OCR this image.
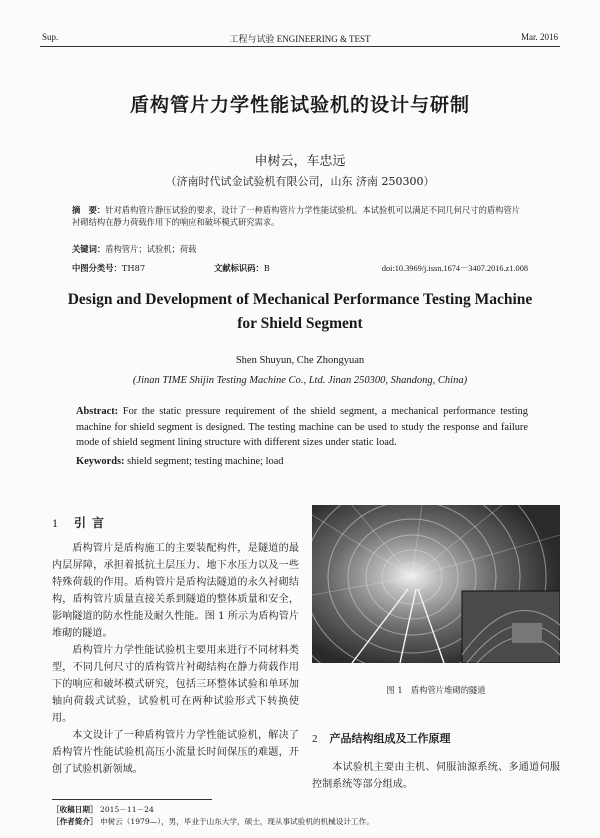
Sup.	工程与试验 ENGINEERING & TEST	Mar. 2016
盾构管片力学性能试验机的设计与研制
申树云，车忠远
（济南时代试金试验机有限公司，山东 济南 250300）
摘　要：针对盾构管片静压试验的要求，设计了一种盾构管片力学性能试验机。本试验机可以满足不同几何尺寸的盾构管片衬砌结构在静力荷载作用下的响应和破坏模式研究需求。
关键词：盾构管片；试验机；荷载
中图分类号：TH87	文献标识码：B	doi:10.3969/j.issn.1674－3407.2016.z1.008
Design and Development of Mechanical Performance Testing Machine for Shield Segment
Shen Shuyun, Che Zhongyuan
(Jinan TIME Shijin Testing Machine Co., Ltd. Jinan 250300, Shandong, China)
Abstract: For the static pressure requirement of the shield segment, a mechanical performance testing machine for shield segment is designed. The testing machine can be used to study the response and failure mode of shield segment lining structure with different sizes under static load.
Keywords: shield segment; testing machine; load
1 引言

盾构管片是盾构施工的主要装配构件，是隧道的最内层屏障，承担着抵抗土层压力、地下水压力以及一些特殊荷载的作用。盾构管片是盾构法隧道的永久衬砌结构，盾构管片质量直接关系到隧道的整体质量和安全，影响隧道的防水性能及耐久性能。图 1 所示为盾构管片堆砌的隧道。

盾构管片力学性能试验机主要用来进行不同材料类型，不同几何尺寸的盾构管片衬砌结构在静力荷载作用下的响应和破坏模式研究，包括三环整体试验和单环加轴向荷载式试验，试验机可在两种试验形式下转换使用。

本文设计了一种盾构管片力学性能试验机，解决了盾构管片性能试验机高压小流量长时间保压的难题，开创了试验机新领域。

图 1　盾构管片堆砌的隧道
2 产品结构组成及工作原理

本试验机主要由主机、伺服油源系统、多通道伺服控制系统等部分组成。

［收稿日期］ 2015－11－24
［作者简介］ 申树云（1979—），男，毕业于山东大学，硕士，现从事试验机的机械设计工作。
